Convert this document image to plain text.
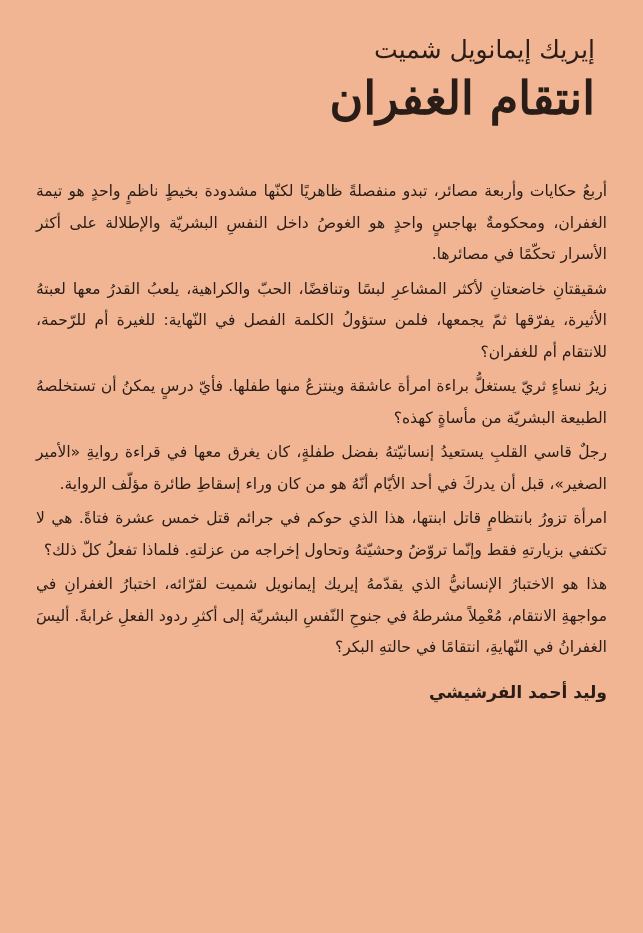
إيريك إيمانويل شميت
انتقام الغفران

أربعُ حكايات وأربعة مصائر، تبدو منفصلةً ظاهريًا لكنّها مشدودة بخيطٍ ناظمٍ واحدٍ هو تيمة الغفران، ومحكومةٌ بهاجسٍ واحدٍ هو الغوصُ داخل النفسِ البشريّة والإطلالة على أكثر الأسرار تحكّمًا في مصائرها.

شقيقتانِ خاضعتانِ لأكثر المشاعرِ لبسًا وتناقضًا، الحبّ والكراهية، يلعبُ القدرُ معها لعبتهُ الأثيرة، يفرّقها ثمّ يجمعها، فلمن ستؤولُ الكلمة الفصل في النّهاية: للغيرة أم للرّحمة، للانتقام أم للغفران؟

زيرُ نساءٍ ثريّ يستغلُّ براءة امرأة عاشقة وينتزعُ منها طفلها. فأيّ درسٍ يمكنُ أن تستخلصهُ الطبيعة البشريّة من مأساةٍ كهذه؟

رجلٌ قاسي القلبِ يستعيدُ إنسانيّتهُ بفضل طفلةٍ، كان يغرق معها في قراءة روايةِ «الأمير الصغير»، قبل أن يدركَ في أحد الأيّام أنّهُ هو من كان وراء إسقاطِ طائرة مؤلّف الرواية.

امرأة تزورُ بانتظامٍ قاتل ابنتها، هذا الذي حوكم في جرائم قتل خمس عشرة فتاةً. هي لا تكتفي بزيارتهِ فقط وإنّما تروّضُ وحشيّتهُ وتحاول إخراجه من عزلتهِ. فلماذا تفعلُ كلّ ذلك؟

هذا هو الاختبارُ الإنسانيُّ الذي يقدّمهُ إيريك إيمانويل شميت لقرّائه، اختبارُ الغفرانِ في مواجهةِ الانتقام، مُعْمِلاً مشرطهُ في جنوحِ النّفسِ البشريّة إلى أكثرِ ردود الفعلِ غرابةً. أليسَ الغفرانُ في النّهايةِ، انتقامًا في حالتهِ البكر؟

وليد أحمد الفرشيشي
